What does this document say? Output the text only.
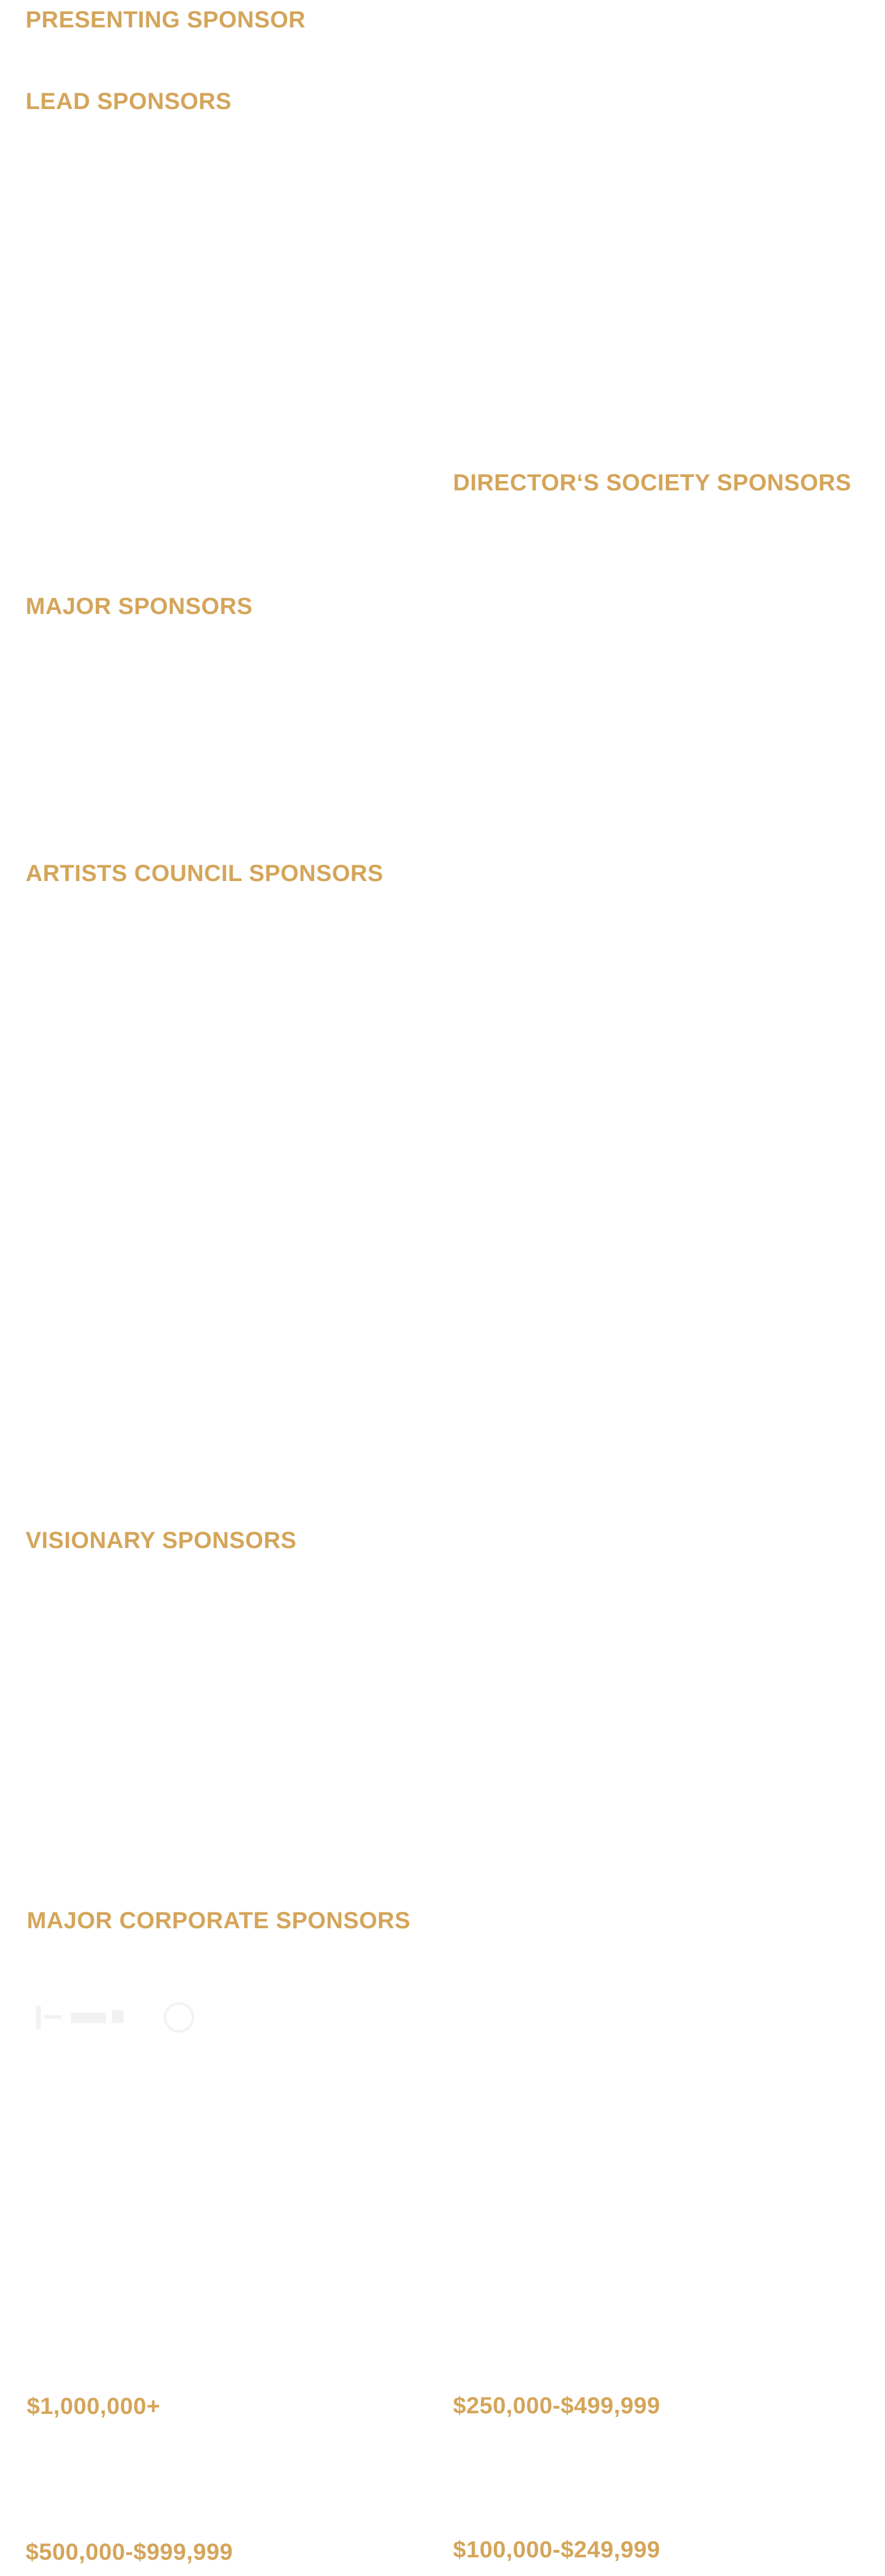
PRESENTING SPONSOR
LEAD SPONSORS
DIRECTOR‘S SOCIETY SPONSORS
MAJOR SPONSORS
ARTISTS COUNCIL SPONSORS
VISIONARY SPONSORS
MAJOR CORPORATE SPONSORS
$1,000,000+	$250,000-$499,999
$500,000-$999,999	$100,000-$249,999
